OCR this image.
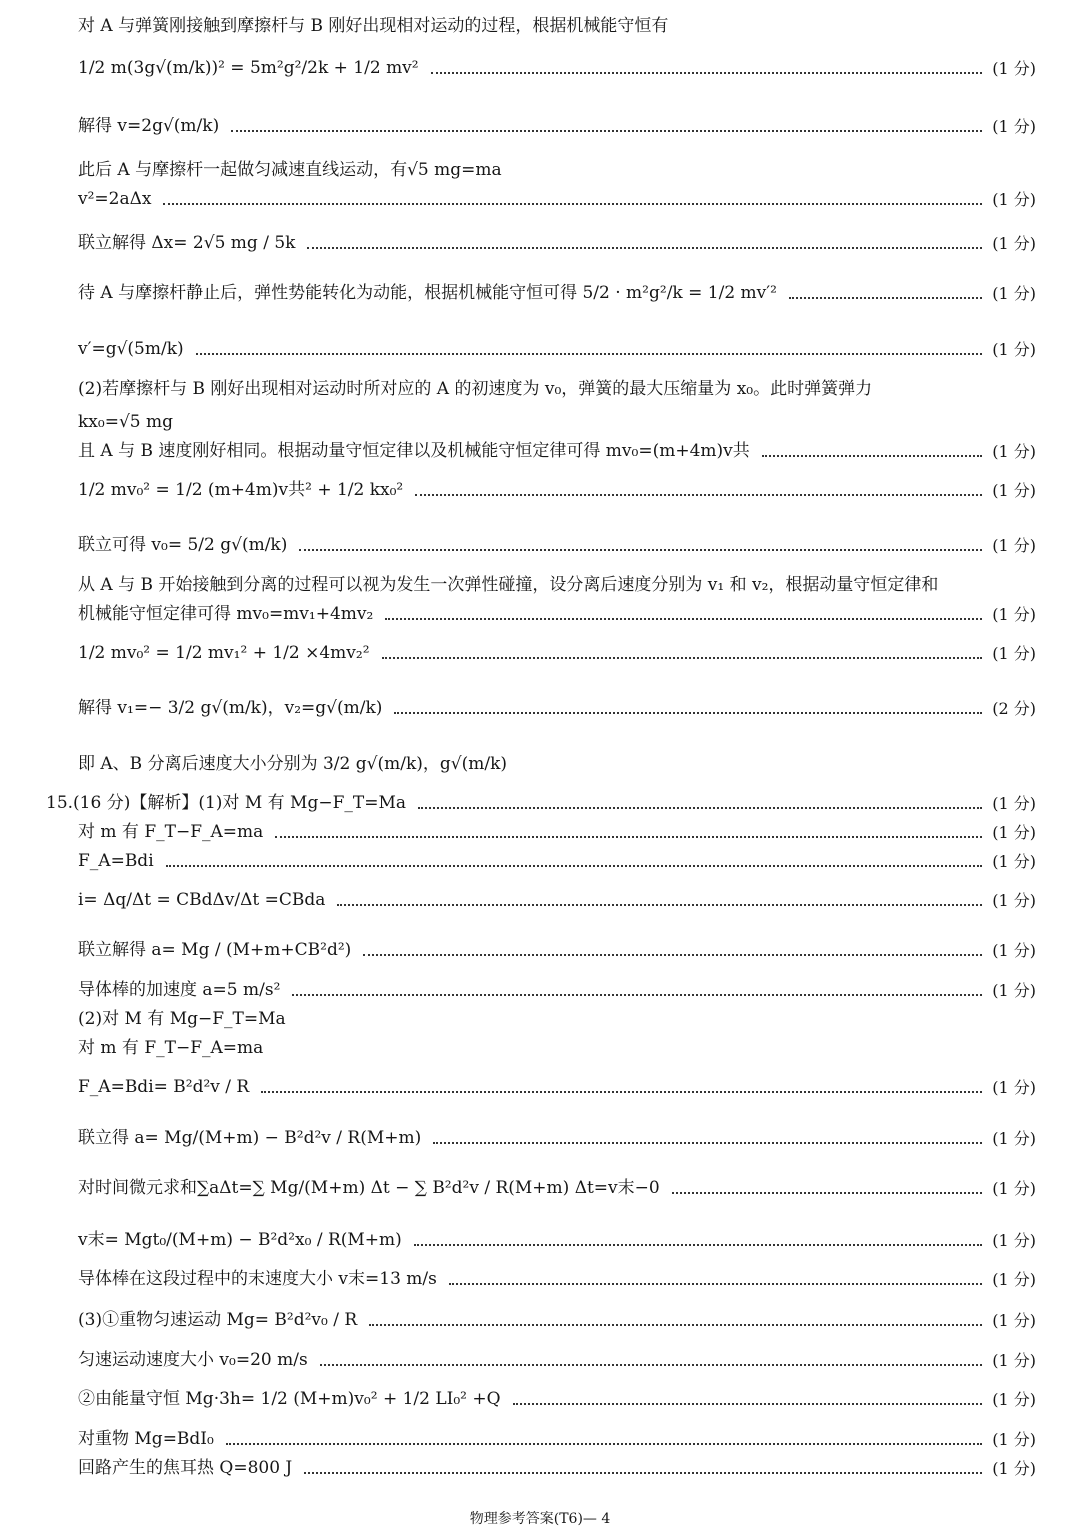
对 A 与弹簧刚接触到摩擦杆与 B 刚好出现相对运动的过程，根据机械能守恒有
1/2 m(3g√(m/k))² = 5m²g²/2k + 1/2 mv²	(1 分)
解得 v=2g√(m/k)	(1 分)
此后 A 与摩擦杆一起做匀减速直线运动，有√5 mg=ma
v²=2aΔx	(1 分)
联立解得 Δx= 2√5 mg / 5k	(1 分)
待 A 与摩擦杆静止后，弹性势能转化为动能，根据机械能守恒可得 5/2 · m²g²/k = 1/2 mv′²	(1 分)
v′=g√(5m/k)	(1 分)
(2)若摩擦杆与 B 刚好出现相对运动时所对应的 A 的初速度为 v₀，弹簧的最大压缩量为 x₀。此时弹簧弹力
kx₀=√5 mg
且 A 与 B 速度刚好相同。根据动量守恒定律以及机械能守恒定律可得 mv₀=(m+4m)v共	(1 分)
1/2 mv₀² = 1/2 (m+4m)v共² + 1/2 kx₀²	(1 分)
联立可得 v₀= 5/2 g√(m/k)	(1 分)
从 A 与 B 开始接触到分离的过程可以视为发生一次弹性碰撞，设分离后速度分别为 v₁ 和 v₂，根据动量守恒定律和
机械能守恒定律可得 mv₀=mv₁+4mv₂	(1 分)
1/2 mv₀² = 1/2 mv₁² + 1/2 ×4mv₂²	(1 分)
解得 v₁=− 3/2 g√(m/k)，v₂=g√(m/k)	(2 分)
即 A、B 分离后速度大小分别为 3/2 g√(m/k)，g√(m/k)
15.(16 分)【解析】(1)对 M 有 Mg−F_T=Ma	(1 分)
对 m 有 F_T−F_A=ma	(1 分)
F_A=Bdi	(1 分)
i= Δq/Δt = CBdΔv/Δt =CBda	(1 分)
联立解得 a= Mg / (M+m+CB²d²)	(1 分)
导体棒的加速度 a=5 m/s²	(1 分)
(2)对 M 有 Mg−F_T=Ma
对 m 有 F_T−F_A=ma
F_A=Bdi= B²d²v / R	(1 分)
联立得 a= Mg/(M+m) − B²d²v / R(M+m)	(1 分)
对时间微元求和∑aΔt=∑ Mg/(M+m) Δt − ∑ B²d²v / R(M+m) Δt=v末−0	(1 分)
v末= Mgt₀/(M+m) − B²d²x₀ / R(M+m)	(1 分)
导体棒在这段过程中的末速度大小 v末=13 m/s	(1 分)
(3)①重物匀速运动 Mg= B²d²v₀ / R	(1 分)
匀速运动速度大小 v₀=20 m/s	(1 分)
②由能量守恒 Mg·3h= 1/2 (M+m)v₀² + 1/2 LI₀² +Q	(1 分)
对重物 Mg=BdI₀	(1 分)
回路产生的焦耳热 Q=800 J	(1 分)
物理参考答案(T6)— 4
